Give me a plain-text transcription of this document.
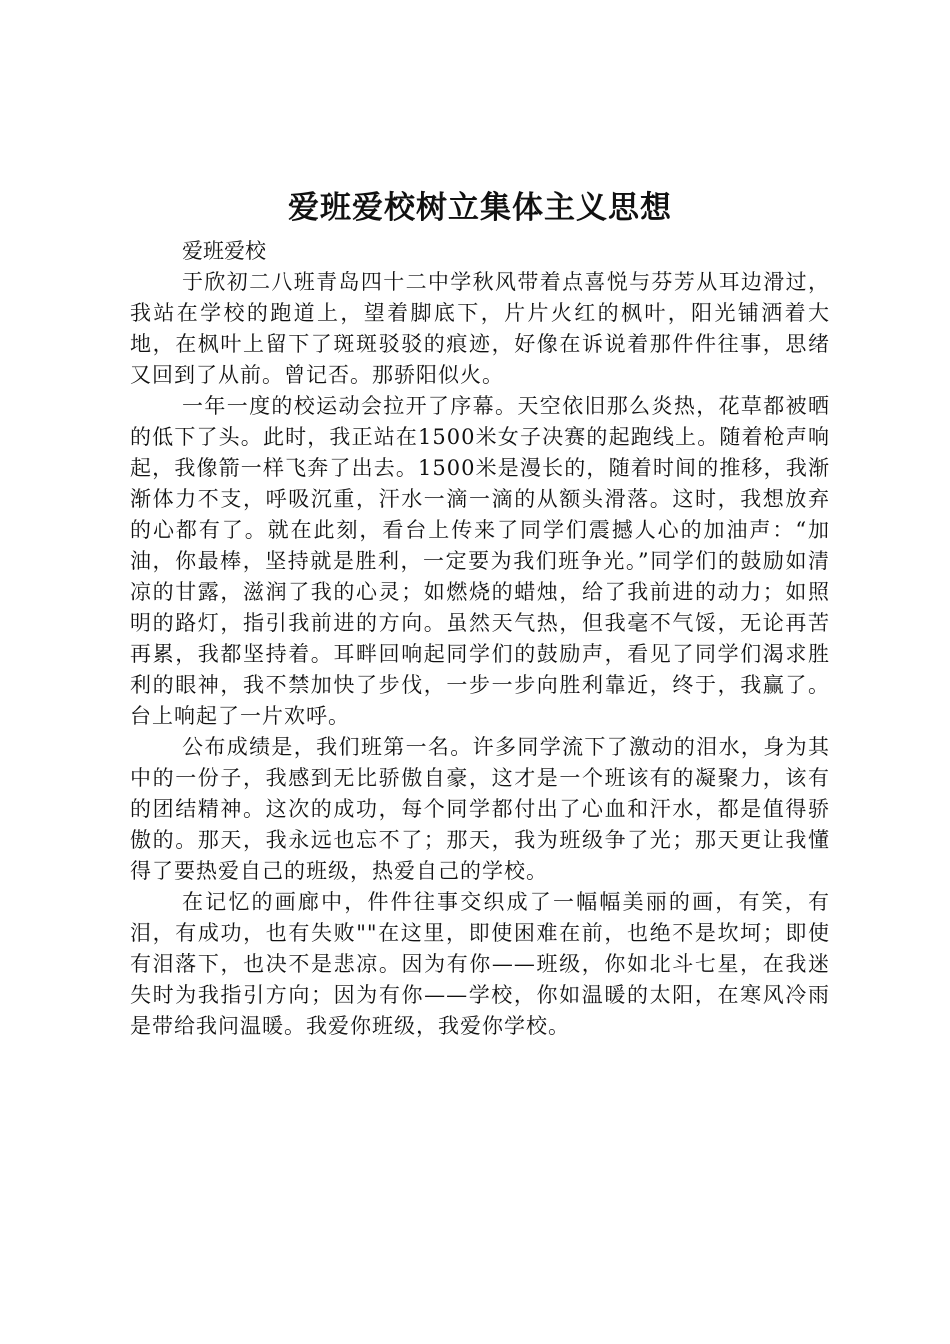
爱班爱校树立集体主义思想

爱班爱校

于欣初二八班青岛四十二中学秋风带着点喜悦与芬芳从耳边滑过，我站在学校的跑道上，望着脚底下，片片火红的枫叶，阳光铺洒着大地，在枫叶上留下了斑斑驳驳的痕迹，好像在诉说着那件件往事，思绪又回到了从前。曾记否。那骄阳似火。

一年一度的校运动会拉开了序幕。天空依旧那么炎热，花草都被晒的低下了头。此时，我正站在1500米女子决赛的起跑线上。随着枪声响起，我像箭一样飞奔了出去。1500米是漫长的，随着时间的推移，我渐渐体力不支，呼吸沉重，汗水一滴一滴的从额头滑落。这时，我想放弃的心都有了。就在此刻，看台上传来了同学们震撼人心的加油声：“加油，你最棒，坚持就是胜利，一定要为我们班争光。”同学们的鼓励如清凉的甘露，滋润了我的心灵；如燃烧的蜡烛，给了我前进的动力；如照明的路灯，指引我前进的方向。虽然天气热，但我毫不气馁，无论再苦再累，我都坚持着。耳畔回响起同学们的鼓励声，看见了同学们渴求胜利的眼神，我不禁加快了步伐，一步一步向胜利靠近，终于，我赢了。台上响起了一片欢呼。

公布成绩是，我们班第一名。许多同学流下了激动的泪水，身为其中的一份子，我感到无比骄傲自豪，这才是一个班该有的凝聚力，该有的团结精神。这次的成功，每个同学都付出了心血和汗水，都是值得骄傲的。那天，我永远也忘不了；那天，我为班级争了光；那天更让我懂得了要热爱自己的班级，热爱自己的学校。

在记忆的画廊中，件件往事交织成了一幅幅美丽的画，有笑，有泪，有成功，也有失败""在这里，即使困难在前，也绝不是坎坷；即使有泪落下，也决不是悲凉。因为有你——班级，你如北斗七星，在我迷失时为我指引方向；因为有你——学校，你如温暖的太阳，在寒风冷雨是带给我问温暖。我爱你班级，我爱你学校。
